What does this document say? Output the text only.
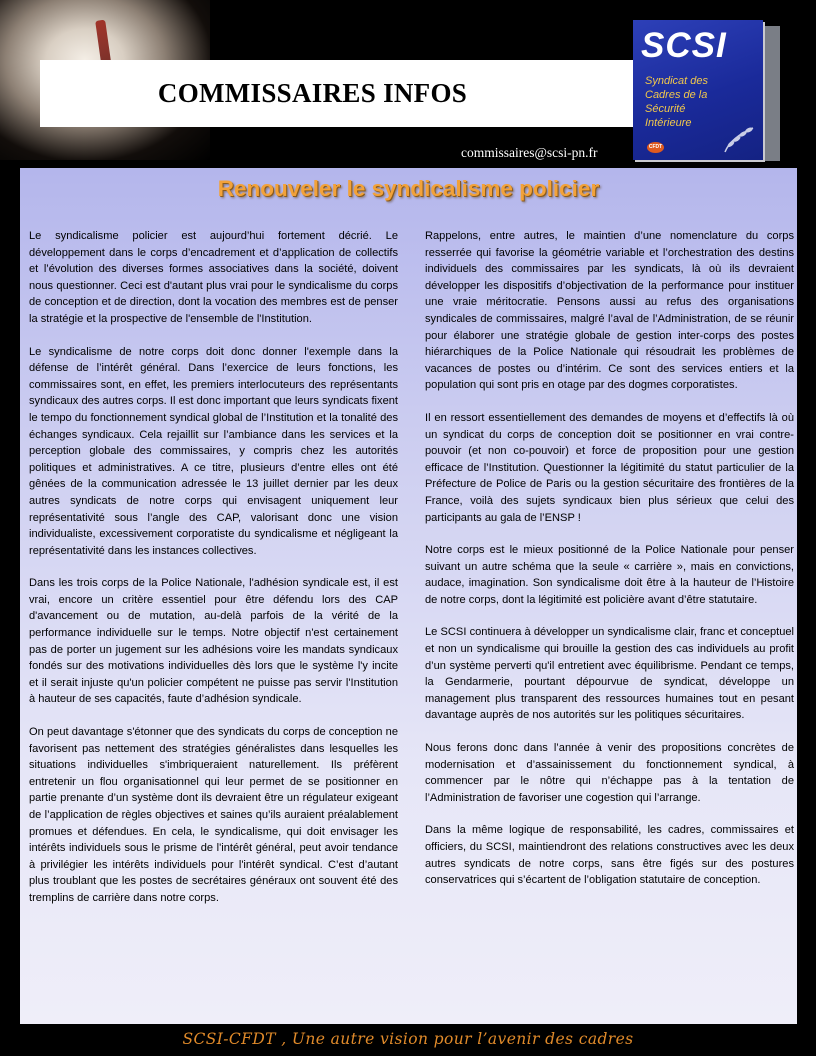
COMMISSAIRES INFOS
SCSI
Syndicat des Cadres de la Sécurité Intérieure
CFDT
commissaires@scsi-pn.fr
Renouveler le syndicalisme policier

Le syndicalisme policier est aujourd’hui fortement décrié. Le développement dans le corps d’encadrement et d’application de collectifs et l’évolution des diverses formes associatives dans la société, doivent nous questionner. Ceci est d'autant plus vrai pour le syndicalisme du corps de conception et de direction, dont la vocation des membres est de penser la stratégie et la prospective de l'ensemble de l'Institution.

Le syndicalisme de notre corps doit donc donner l'exemple dans la défense de l’intérêt général. Dans l’exercice de leurs fonctions, les commissaires sont, en effet, les premiers interlocuteurs des représentants syndicaux des autres corps. Il est donc important que leurs syndicats fixent le tempo du fonctionnement syndical global de l’Institution et la tonalité des échanges syndicaux. Cela rejaillit sur l’ambiance dans les services et la perception globale des commissaires, y compris chez les autorités politiques et administratives. A ce titre, plusieurs d’entre elles ont été gênées de la communication adressée le 13 juillet dernier par les deux autres syndicats de notre corps qui envisagent uniquement leur représentativité sous l’angle des CAP, valorisant donc une vision individualiste, excessivement corporatiste du syndicalisme et négligeant la représentativité dans les instances collectives.

Dans les trois corps de la Police Nationale, l'adhésion syndicale est, il est vrai, encore un critère essentiel pour être défendu lors des CAP d'avancement ou de mutation, au-delà parfois de la vérité de la performance individuelle sur le temps. Notre objectif n'est certainement pas de porter un jugement sur les adhésions voire les mandats syndicaux fondés sur des motivations individuelles dès lors que le système l'y incite et il serait injuste qu'un policier compétent ne puisse pas servir l'Institution à hauteur de ses capacités, faute d’adhésion syndicale.

On peut davantage s'étonner que des syndicats du corps de conception ne favorisent pas nettement des stratégies généralistes dans lesquelles les situations individuelles s'imbriqueraient naturellement. Ils préfèrent entretenir un flou organisationnel qui leur permet de se positionner en partie prenante d’un système dont ils devraient être un régulateur exigeant de l’application de règles objectives et saines qu’ils auraient préalablement promues et défendues. En cela, le syndicalisme, qui doit envisager les intérêts individuels sous le prisme de l'intérêt général, peut avoir tendance à privilégier les intérêts individuels pour l'intérêt syndical. C’est d’autant plus troublant que les postes de secrétaires généraux ont souvent été des tremplins de carrière dans notre corps.

Rappelons, entre autres, le maintien d’une nomenclature du corps resserrée qui favorise la géométrie variable et l’orchestration des destins individuels des commissaires par les syndicats, là où ils devraient développer les dispositifs d’objectivation de la performance pour instituer une vraie méritocratie. Pensons aussi au refus des organisations syndicales de commissaires, malgré l’aval de l’Administration, de se réunir pour élaborer une stratégie globale de gestion inter-corps des postes hiérarchiques de la Police Nationale qui résoudrait les problèmes de vacances de postes ou d’intérim. Ce sont des services entiers et la population qui sont pris en otage par des dogmes corporatistes.

Il en ressort essentiellement des demandes de moyens et d’effectifs là où un syndicat du corps de conception doit se positionner en vrai contre-pouvoir (et non co-pouvoir) et force de proposition pour une gestion efficace de l’Institution. Questionner la légitimité du statut particulier de la Préfecture de Police de Paris ou la gestion sécuritaire des frontières de la France, voilà des sujets syndicaux bien plus sérieux que celui des participants au gala de l’ENSP !

Notre corps est le mieux positionné de la Police Nationale pour penser suivant un autre schéma que la seule « carrière », mais en convictions, audace, imagination. Son syndicalisme doit être à la hauteur de l’Histoire de notre corps, dont la légitimité est policière avant d’être statutaire.

Le SCSI continuera à développer un syndicalisme clair, franc et conceptuel et non un syndicalisme qui brouille la gestion des cas individuels au profit d’un système perverti qu'il entretient avec équilibrisme. Pendant ce temps, la Gendarmerie, pourtant dépourvue de syndicat, développe un management plus transparent des ressources humaines tout en pesant davantage auprès de nos autorités sur les politiques sécuritaires.

Nous ferons donc dans l’année à venir des propositions concrètes de modernisation et d’assainissement du fonctionnement syndical, à commencer par le nôtre qui n’échappe pas à la tentation de l’Administration de favoriser une cogestion qui l’arrange.

Dans la même logique de responsabilité, les cadres, commissaires et officiers, du SCSI, maintiendront des relations constructives avec les deux autres syndicats de notre corps, sans être figés sur des postures conservatrices qui s’écartent de l’obligation statutaire de conception.

SCSI-CFDT , Une autre vision pour l’avenir des cadres
